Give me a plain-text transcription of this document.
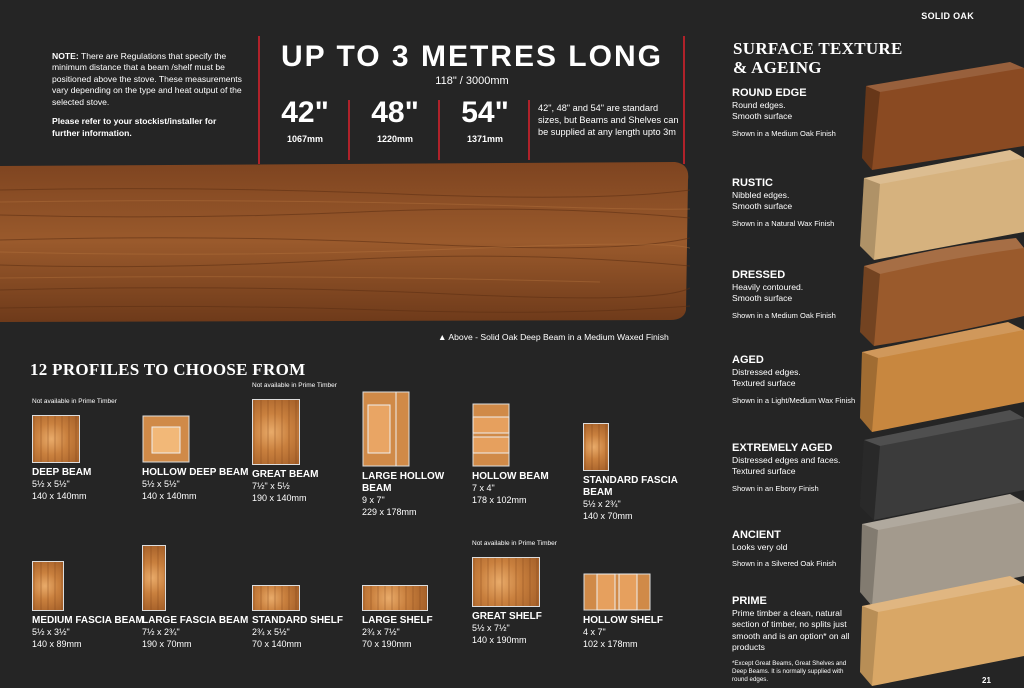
SOLID OAK
NOTE: There are Regulations that specify the minimum distance that a beam /shelf must be positioned above the stove. These measurements vary depending on the type and heat output of the selected stove.
Please refer to your stockist/installer for further information.
UP TO 3 METRES LONG
118" / 3000mm
42"
1067mm
48"
1220mm
54"
1371mm
42", 48" and 54" are standard sizes, but Beams and Shelves can be supplied at any length upto 3m
▲ Above - Solid Oak Deep Beam in a Medium Waxed Finish
12 PROFILES TO CHOOSE FROM
Not available in Prime Timber
DEEP BEAM
5½ x 5½"
140 x 140mm
HOLLOW DEEP BEAM
5½ x 5½"
140 x 140mm
Not available in Prime Timber
GREAT BEAM
7½" x 5½
190 x 140mm
LARGE HOLLOW BEAM
9 x 7"
229 x 178mm
HOLLOW BEAM
7 x 4"
178 x 102mm
STANDARD FASCIA BEAM
5½ x 2¾"
140 x 70mm
MEDIUM FASCIA BEAM
5½ x 3½"
140 x 89mm
LARGE FASCIA BEAM
7½ x 2¾"
190 x 70mm
STANDARD SHELF
2¾ x 5½"
70 x 140mm
LARGE SHELF
2¾ x 7½"
70 x 190mm
Not available in Prime Timber
GREAT SHELF
5½ x 7½"
140 x 190mm
HOLLOW SHELF
4 x 7"
102 x 178mm
SURFACE TEXTURE
& AGEING
ROUND EDGE
Round edges.
Smooth surface
Shown in a Medium Oak Finish
RUSTIC
Nibbled edges.
Smooth surface
Shown in a Natural Wax Finish
DRESSED
Heavily contoured.
Smooth surface
Shown in a Medium Oak Finish
AGED
Distressed edges.
Textured surface
Shown in a Light/Medium Wax Finish
EXTREMELY AGED
Distressed edges and faces.
Textured surface
Shown in an Ebony Finish
ANCIENT
Looks very old
Shown in a Silvered Oak Finish
PRIME
Prime timber a clean, natural section of timber, no splits just smooth and is an option* on all products
*Except Great Beams, Great Shelves and Deep Beams. It is normally supplied with round edges.	21
